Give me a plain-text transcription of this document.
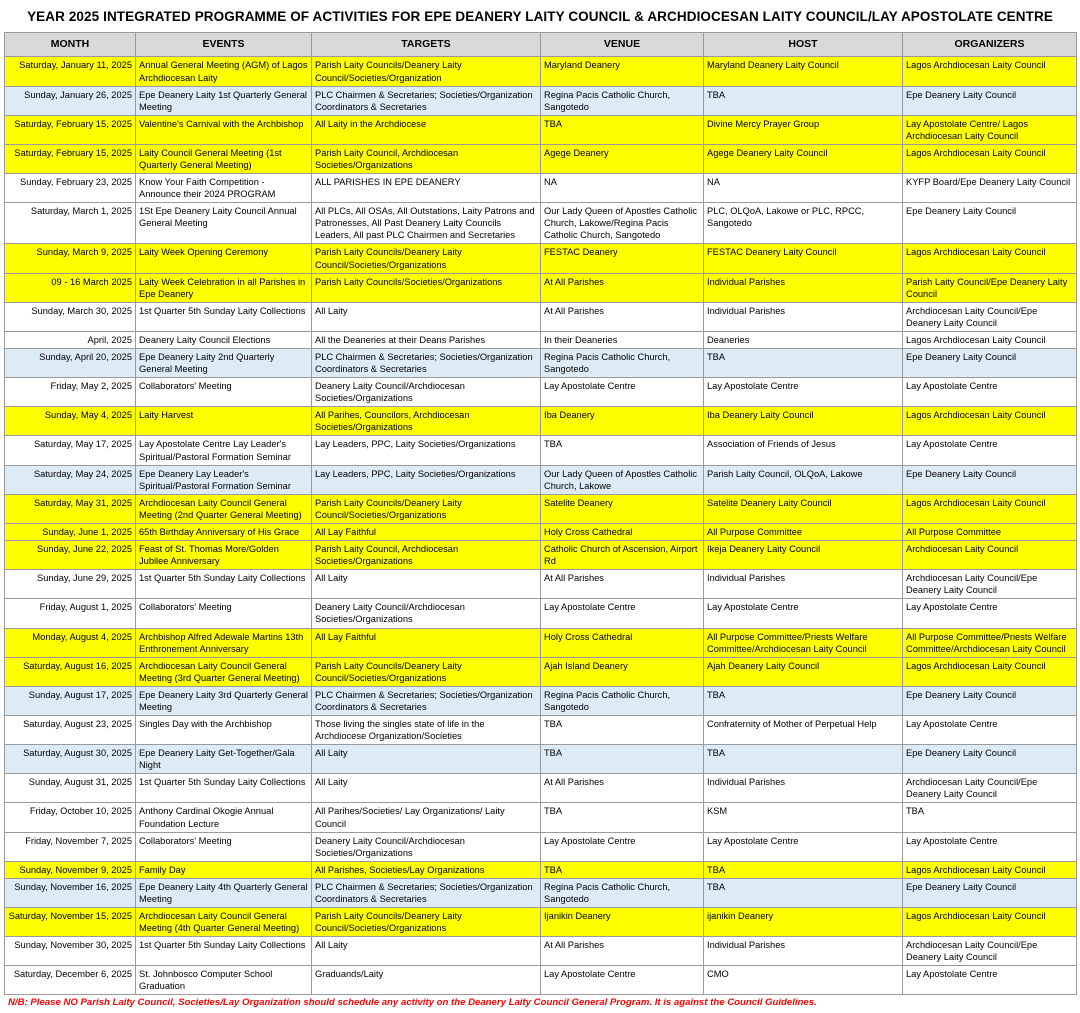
YEAR 2025 INTEGRATED PROGRAMME OF ACTIVITIES FOR EPE DEANERY LAITY COUNCIL & ARCHDIOCESAN LAITY COUNCIL/LAY APOSTOLATE CENTRE
MONTH	EVENTS	TARGETS	VENUE	HOST	ORGANIZERS
Saturday, January 11, 2025	Annual General Meeting (AGM) of Lagos Archdiocesan Laity	Parish Laity Councils/Deanery Laity Council/Societies/Organization	Maryland Deanery	Maryland Deanery Laity Council	Lagos Archdiocesan Laity Council
Sunday, January 26, 2025	Epe Deanery Laity 1st Quarterly General Meeting	PLC Chairmen & Secretaries; Societies/Organization Coordinators & Secretaries	Regina Pacis Catholic Church, Sangotedo	TBA	Epe Deanery Laity Council
Saturday, February 15, 2025	Valentine's Carnival with the Archbishop	All Laity in the Archdiocese	TBA	Divine Mercy Prayer Group	Lay Apostolate Centre/ Lagos Archdiocesan Laity Council
Saturday, February 15, 2025	Laity Council General Meeting (1st Quarterly General Meeting)	Parish Laity Council, Archdiocesan Societies/Organizations	Agege Deanery	Agege Deanery Laity Council	Lagos Archdiocesan Laity Council
Sunday, February 23, 2025	Know Your Faith Competition - Announce their 2024 PROGRAM	ALL PARISHES IN EPE DEANERY	NA	NA	KYFP Board/Epe Deanery Laity Council
Saturday, March 1, 2025	1St Epe Deanery Laity Council Annual General Meeting	All PLCs, All OSAs, All Outstations, Laity Patrons and Patronesses, All Past Deanery Laity Councils Leaders, All past PLC Chairmen and Secretaries	Our Lady Queen of Apostles Catholic Church, Lakowe/Regina Pacis Catholic Church, Sangotedo	PLC, OLQoA, Lakowe or PLC, RPCC, Sangotedo	Epe Deanery Laity Council
Sunday, March 9, 2025	Laity Week Opening Ceremony	Parish Laity Councils/Deanery Laity Council/Societies/Organizations	FESTAC Deanery	FESTAC Deanery Laity Council	Lagos Archdiocesan Laity Council
09 - 16 March 2025	Laity Week Celebration in all Parishes in Epe Deanery	Parish Laity Councils/Societies/Organizations	At All Parishes	Individual Parishes	Parish Laity Council/Epe Deanery Laity Council
Sunday, March 30, 2025	1st Quarter 5th Sunday Laity Collections	All Laity	At All Parishes	Individual Parishes	Archdiocesan Laity Council/Epe Deanery Laity Council
April, 2025	Deanery Laity Council Elections	All the Deaneries at their Deans Parishes	In their Deaneries	Deaneries	Lagos Archdiocesan Laity Council
Sunday, April 20, 2025	Epe Deanery Laity 2nd Quarterly General Meeting	PLC Chairmen & Secretaries; Societies/Organization Coordinators & Secretaries	Regina Pacis Catholic Church, Sangotedo	TBA	Epe Deanery Laity Council
Friday, May 2, 2025	Collaborators' Meeting	Deanery Laity Council/Archdiocesan Societies/Organizations	Lay Apostolate Centre	Lay Apostolate Centre	Lay Apostolate Centre
Sunday, May 4, 2025	Laity Harvest	All Parihes, Councilors, Archdiocesan Societies/Organizations	Iba Deanery	Iba Deanery Laity Council	Lagos Archdiocesan Laity Council
Saturday, May 17, 2025	Lay Apostolate Centre Lay Leader's Spiritual/Pastoral Formation Seminar	Lay Leaders, PPC, Laity Societies/Organizations	TBA	Association of Friends of Jesus	Lay Apostolate Centre
Saturday, May 24, 2025	Epe Deanery Lay Leader's Spiritual/Pastoral Formation Seminar	Lay Leaders, PPC, Laity Societies/Organizations	Our Lady Queen of Apostles Catholic Church, Lakowe	Parish Laity Council, OLQoA, Lakowe	Epe Deanery Laity Council
Saturday, May 31, 2025	Archdiocesan Laity Council General Meeting (2nd Quarter General Meeting)	Parish Laity Councils/Deanery Laity Council/Societies/Organizations	Satelite Deanery	Satelite Deanery Laity Council	Lagos Archdiocesan Laity Council
Sunday, June 1, 2025	65th Birthday Anniversary of His Grace	All Lay Faithful	Holy Cross Cathedral	All Purpose Committee	All Purpose Committee
Sunday, June 22, 2025	Feast of St. Thomas More/Golden Jubilee Anniversary	Parish Laity Council, Archdiocesan Societies/Organizations	Catholic Church of Ascension, Airport Rd	Ikeja Deanery Laity Council	Archdiocesan Laity Council
Sunday, June 29, 2025	1st Quarter 5th Sunday Laity Collections	All Laity	At All Parishes	Individual Parishes	Archdiocesan Laity Council/Epe Deanery Laity Council
Friday, August 1, 2025	Collaborators' Meeting	Deanery Laity Council/Archdiocesan Societies/Organizations	Lay Apostolate Centre	Lay Apostolate Centre	Lay Apostolate Centre
Monday, August 4, 2025	Archbishop Alfred Adewale Martins 13th Enthronement Anniversary	All Lay Faithful	Holy Cross Cathedral	All Purpose Committee/Priests Welfare Committee/Archdiocesan Laity Council	All Purpose Committee/Priests Welfare Committee/Archdiocesan Laity Council
Saturday, August 16, 2025	Archdiocesan Laity Council General Meeting (3rd Quarter General Meeting)	Parish Laity Councils/Deanery Laity Council/Societies/Organizations	Ajah Island Deanery	Ajah Deanery Laity Council	Lagos Archdiocesan Laity Council
Sunday, August 17, 2025	Epe Deanery Laity 3rd Quarterly General Meeting	PLC Chairmen & Secretaries; Societies/Organization Coordinators & Secretaries	Regina Pacis Catholic Church, Sangotedo	TBA	Epe Deanery Laity Council
Saturday, August 23, 2025	Singles Day with the Archbishop	Those living the singles state of life in the Archdiocese Organization/Societies	TBA	Confraternity of Mother of Perpetual Help	Lay Apostolate Centre
Saturday, August 30, 2025	Epe Deanery Laity Get-Together/Gala Night	All Laity	TBA	TBA	Epe Deanery Laity Council
Sunday, August 31, 2025	1st Quarter 5th Sunday Laity Collections	All Laity	At All Parishes	Individual Parishes	Archdiocesan Laity Council/Epe Deanery Laity Council
Friday, October 10, 2025	Anthony Cardinal Okogie Annual Foundation Lecture	All Parihes/Societies/ Lay Organizations/ Laity Council	TBA	KSM	TBA
Friday, November 7, 2025	Collaborators' Meeting	Deanery Laity Council/Archdiocesan Societies/Organizations	Lay Apostolate Centre	Lay Apostolate Centre	Lay Apostolate Centre
Sunday, November 9, 2025	Family Day	All Parishes, Societies/Lay Organizations	TBA	TBA	Lagos Archdiocesan Laity Council
Sunday, November 16, 2025	Epe Deanery Laity 4th Quarterly General Meeting	PLC Chairmen & Secretaries; Societies/Organization Coordinators & Secretaries	Regina Pacis Catholic Church, Sangotedo	TBA	Epe Deanery Laity Council
Saturday, November 15, 2025	Archdiocesan Laity Council General Meeting (4th Quarter General Meeting)	Parish Laity Councils/Deanery Laity Council/Societies/Organizations	Ijanikin Deanery	ijanikin Deanery	Lagos Archdiocesan Laity Council
Sunday, November 30, 2025	1st Quarter 5th Sunday Laity Collections	All Laity	At All Parishes	Individual Parishes	Archdiocesan Laity Council/Epe Deanery Laity Council
Saturday, December 6, 2025	St. Johnbosco Computer School Graduation	Graduands/Laity	Lay Apostolate Centre	CMO	Lay Apostolate Centre
N/B: Please NO Parish Laity Council, Societies/Lay Organization should schedule any activity on the Deanery Laity Council General Program. It is against the Council Guidelines.
